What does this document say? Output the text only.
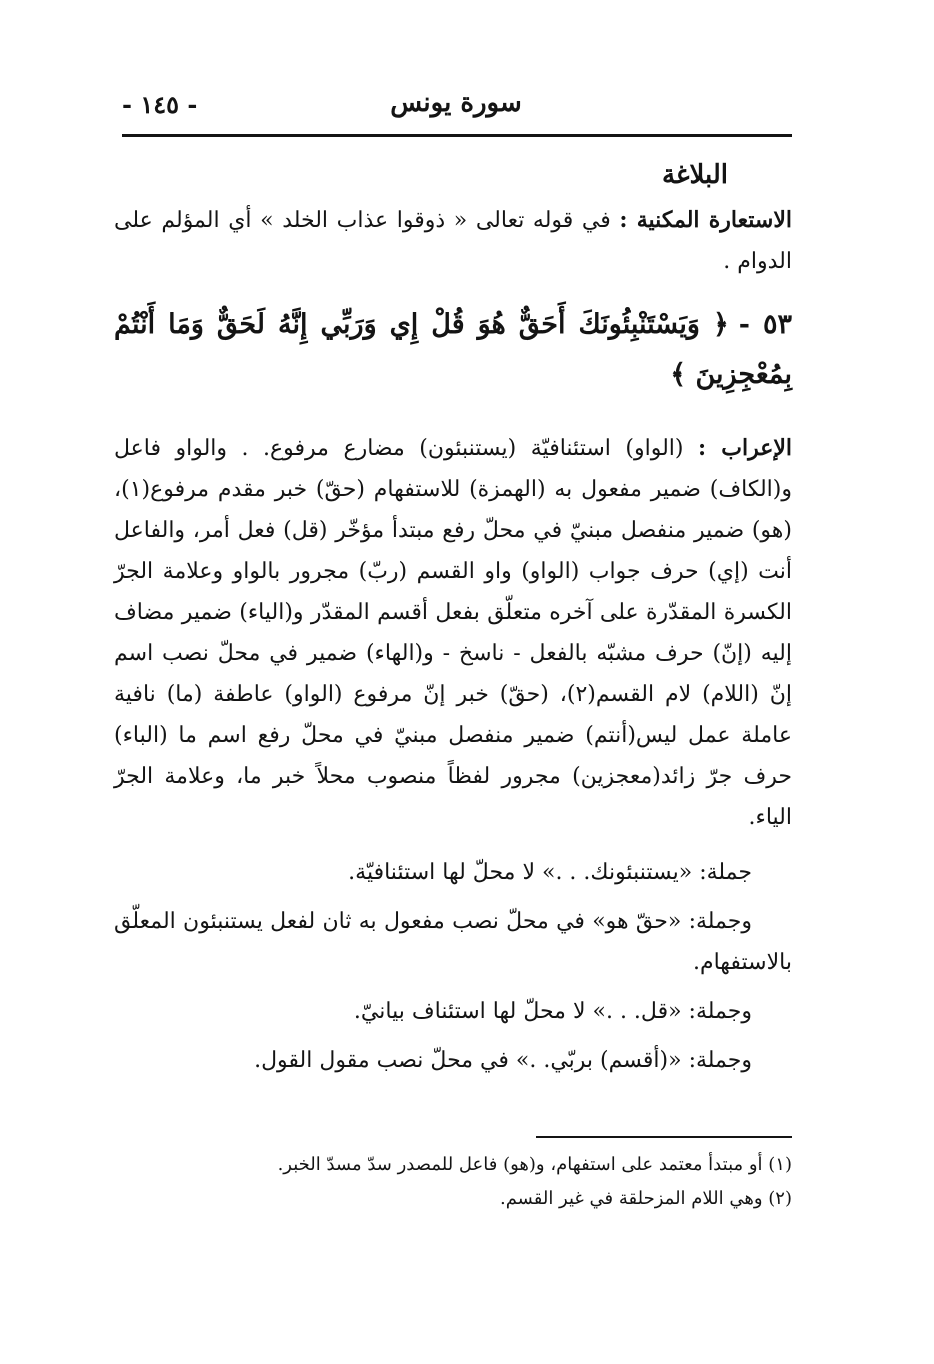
سورة يونس
- ١٤٥ -
البلاغة

الاستعارة المكنية : في قوله تعالى « ذوقوا عذاب الخلد » أي المؤلم على الدوام .

٥٣ -﴿ وَيَسْتَنْبِئُونَكَ أَحَقٌّ هُوَ قُلْ إِي وَرَبِّي إِنَّهُ لَحَقٌّ وَمَا أَنْتُمْ بِمُعْجِزِينَ ﴾

الإعراب : (الواو) استئنافيّة (يستنبئون) مضارع مرفوع. . والواو فاعل و(الكاف) ضمير مفعول به (الهمزة) للاستفهام (حقّ) خبر مقدم مرفوع(١)، (هو) ضمير منفصل مبنيّ في محلّ رفع مبتدأ مؤخّر (قل) فعل أمر، والفاعل أنت (إي) حرف جواب (الواو) واو القسم (ربّ) مجرور بالواو وعلامة الجرّ الكسرة المقدّرة على آخره متعلّق بفعل أقسم المقدّر و(الياء) ضمير مضاف إليه (إنّ) حرف مشبّه بالفعل - ناسخ - و(الهاء) ضمير في محلّ نصب اسم إنّ (اللام) لام القسم(٢)، (حقّ) خبر إنّ مرفوع (الواو) عاطفة (ما) نافية عاملة عمل ليس(أنتم) ضمير منفصل مبنيّ في محلّ رفع اسم ما (الباء) حرف جرّ زائد(معجزين) مجرور لفظاً منصوب محلاً خبر ما، وعلامة الجرّ الياء.

جملة: «يستنبئونك. . .» لا محلّ لها استئنافيّة.

وجملة: «حقّ هو» في محلّ نصب مفعول به ثان لفعل يستنبئون المعلّق بالاستفهام.

وجملة: «قل. . .» لا محلّ لها استئناف بيانيّ.

وجملة: «(أقسم) بربّي. .» في محلّ نصب مقول القول.

(١) أو مبتدأ معتمد على استفهام، و(هو) فاعل للمصدر سدّ مسدّ الخبر.

(٢) وهي اللام المزحلقة في غير القسم.
